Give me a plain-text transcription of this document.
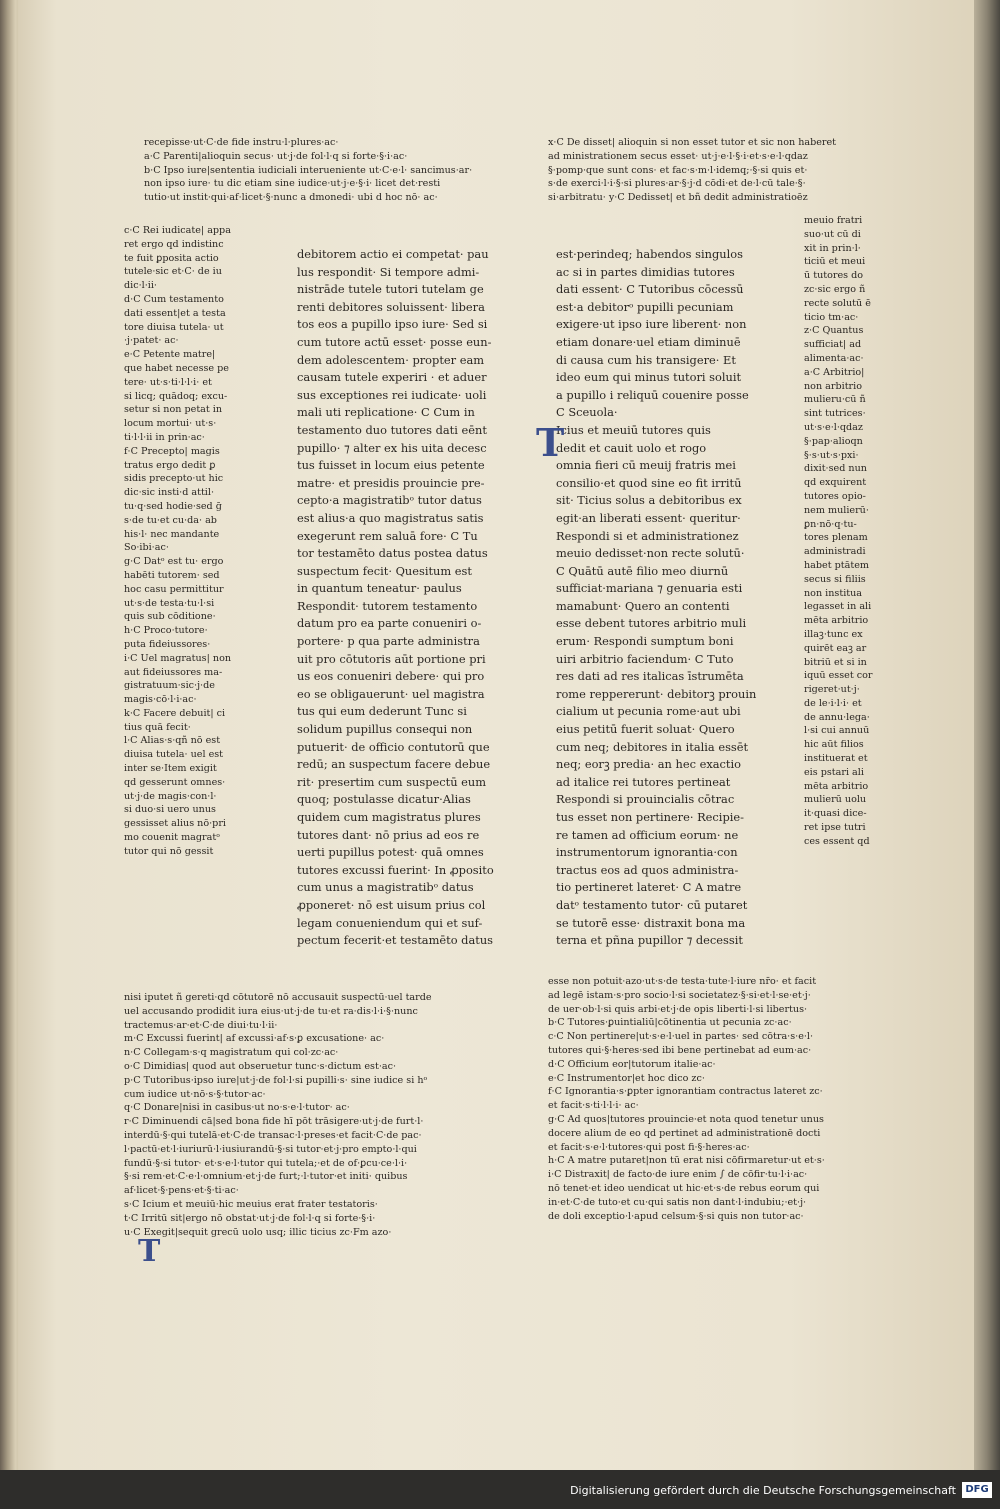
recepisse·ut·C·de fide instru·l·plures·ac·
a·C Parenti|alioquin secus· ut·j·de fol·l·q si forte·§·i·ac·
b·C Ipso iure|sententia iudiciali interueniente ut·C·e·l· sancimus·ar·
non ipso iure· tu dic etiam sine iudice·ut·j·e·§·i· licet det·resti
tutio·ut instit·qui·af·licet·§·nunc a dmonedi· ubi d hoc nō· ac·
c·C Rei iudicate| appa
ret ergo qd indistinc
te fuit ꝑposita actio
tutele·sic et·C· de iu
dic·l·ii·
d·C Cum testamento
dati essent|et a testa
tore diuisa tutela· ut
·j·patet· ac·
e·C Petente matre|
que habet necesse pe
tere· ut·s·ti·l·l·i· et
si licq; quādoq; excu-
setur si non petat in
locum mortui· ut·s·
ti·l·l·ii in prin·ac·
f·C Precepto| magis
tratus ergo dedit ꝑ
sidis precepto·ut hic
dic·sic insti·d attil·
tu·q·sed hodie·sed ḡ
s·de tu·et cu·da· ab
his·l· nec mandante
So·ibi·ac·
g·C Datᵒ est tu· ergo
habēti tutorem· sed
hoc casu permittitur
ut·s·de testa·tu·l·si
quis sub cōditione·
h·C Proco·tutore·
puta fideiussores·
i·C Uel magratus| non
aut fideiussores ma-
gistratuum·sic·j·de
magis·cō·l·i·ac·
k·C Facere debuit| ci
tius quā fecit·
l·C Alias·s·qñ nō est
diuisa tutela· uel est
inter se·Item exigit
qd gesserunt omnes·
ut·j·de magis·con·l·
si duo·si uero unus
gessisset alius nō·pri
mo couenit magratᵒ
tutor qui nō gessit
debitorem actio ei competat· pau
lus respondit· Si tempore admi-
nistrāde tutele tutori tutelam ge
renti debitores soluissent· libera
tos eos a pupillo ipso iure· Sed si
cum tutore actū esset· posse eun-
dem adolescentem· propter eam
causam tutele experiri · et aduer
sus exceptiones rei iudicate· uoli
mali uti replicatione· C Cum in
testamento duo tutores dati eēnt
pupillo· ⁊ alter ex his uita decesc
tus fuisset in locum eius petente
matre· et presidis prouincie pre-
cepto·a magistratibᵒ tutor datus
est alius·a quo magistratus satis
exegerunt rem saluā fore· C Tu
tor testamēto datus postea datus
suspectum fecit· Quesitum est
in quantum teneatur· paulus
Respondit· tutorem testamento
datum pro ea parte conueniri o-
portere· p qua parte administra
uit pro cōtutoris aūt portione pri
us eos conueniri debere· qui pro
eo se obligauerunt· uel magistra
tus qui eum dederunt Tunc si
solidum pupillus consequi non
putuerit· de officio contutorū que
redū; an suspectum facere debue
rit· presertim cum suspectū eum
quoq; postulasse dicatur·Alias
quidem cum magistratus plures
tutores dant· nō prius ad eos re
uerti pupillus potest· quā omnes
tutores excussi fuerint· In ꝓposito
cum unus a magistratibᵒ datus
ꝓponeret· nō est uisum prius col
legam conueniendum qui et suf-
pectum fecerit·et testamēto datus
nisi iputet ñ gereti·qd cōtutorē nō accusauit suspectū·uel tarde
uel accusando prodidit iura eius·ut·j·de tu·et ra·dis·l·i·§·nunc
tractemus·ar·et·C·de diui·tu·l·ii·
m·C Excussi fuerint| af excussi·af·s·ꝑ excusatione· ac·
n·C Collegam·s·q magistratum qui col·zc·ac·
o·C Dimidias| quod aut obseruetur tunc·s·dictum est·ac·
p·C Tutoribus·ipso iure|ut·j·de fol·l·si pupilli·s· sine iudice si hᵒ
cum iudice ut·nō·s·§·tutor·ac·
q·C Donare|nisi in casibus·ut no·s·e·l·tutor· ac·
r·C Diminuendi cā|sed bona fide hī pōt trāsigere·ut·j·de furt·l·
interdū·§·qui tutelā·et·C·de transac·l·preses·et facit·C·de pac·
l·pactū·et·l·iuriurū·l·iusiurandū·§·si tutor·et·j·pro empto·l·qui
fundū·§·si tutor· et·s·e·l·tutor qui tutela;·et de of·ꝑcu·ce·l·i·
§·si rem·et·C·e·l·omnium·et·j·de furt;·l·tutor·et initi· quibus
af·licet·§·pens·et·§·ti·ac·
s·C Icium et meuiū·hic meuius erat frater testatoris·
t·C Irritū sit|ergo nō obstat·ut·j·de fol·l·q si forte·§·i·
u·C Exegit|sequit grecū uolo usq; illic ticius zc·Fm azo·
x·C De disset| alioquin si non esset tutor et sic non haberet
ad ministrationem secus esset· ut·j·e·l·§·i·et·s·e·l·qdaz
§·pomp·que sunt cons· et fac·s·m·l·idemq;·§·si quis et·
s·de exerci·l·i·§·si plures·ar·§·j·d cōdi·et de·l·cū tale·§·
si·arbitratu· y·C Dedisset| et bñ dedit administratioēz
est·perindeq; habendos singulos
ac si in partes dimidias tutores
dati essent· C Tutoribus cōcessū
est·a debitorᵒ pupilli pecuniam
exigere·ut ipso iure liberent· non
etiam donare·uel etiam diminuē
di causa cum his transigere· Et
ideo eum qui minus tutori soluit
a pupillo i reliquū couenire posse
C Sceuola·
Icius et meuiū tutores quis
dedit et cauit uolo et rogo
omnia fieri cū meuij fratris mei
consilio·et quod sine eo fit irritū
sit· Ticius solus a debitoribus ex
egit·an liberati essent· queritur·
Respondi si et administrationez
meuio dedisset·non recte solutū·
C Quātū autē filio meo diurnū
sufficiat·mariana ⁊ genuaria esti
mamabunt· Quero an contenti
esse debent tutores arbitrio muli
erum· Respondi sumptum boni
uiri arbitrio faciendum· C Tuto
res dati ad res italicas īstrumēta
rome reppererunt· debitorꝫ prouin
cialium ut pecunia rome·aut ubi
eius petitū fuerit soluat· Quero
cum neq; debitores in italia essēt
neq; eorꝫ predia· an hec exactio
ad italice rei tutores pertineat
Respondi si prouincialis cōtrac
tus esset non pertinere· Recipie-
re tamen ad officium eorum· ne
instrumentorum ignorantia·con
tractus eos ad quos administra-
tio pertineret lateret· C A matre
datᵒ testamento tutor· cū putaret
se tutorē esse· distraxit bona ma
terna et pñna pupillor ⁊ decessit
meuio fratri
suo·ut cū di
xit in prin·l·
ticiū et meui
ū tutores do
zc·sic ergo ñ
recte solutū ē
ticio tm·ac·
z·C Quantus
sufficiat| ad
alimenta·ac·
a·C Arbitrio|
non arbitrio
mulieru·cū ñ
sint tutrices·
ut·s·e·l·qdaz
§·pap·alioqn
§·s·ut·s·pxi·
dixit·sed nun
qd exquirent
tutores opio-
nem mulierū·
ꝑn·nō·q·tu-
tores plenam
administradi
habet ptātem
secus si filiis
non institua
legasset in ali
mēta arbitrio
illaꝫ·tunc ex
quirēt eaꝫ ar
bitriū et si in
iquū esset cor
rigeret·ut·j·
de le·i·l·i· et
de annu·lega·
l·si cui annuū
hic aūt filios
instituerat et
eis pstari ali
mēta arbitrio
mulierū uolu
it·quasi dice-
ret ipse tutri
ces essent qd
esse non potuit·azo·ut·s·de testa·tute·l·iure nr̄o· et facit
ad legē istam·s·pro socio·l·si societatez·§·si·et·l·se·et·j·
de uer·ob·l·si quis arbi·et·j·de opis liberti·l·si libertus·
b·C Tutores·ꝑuintialiū|cōtinentia ut pecunia zc·ac·
c·C Non pertinere|ut·s·e·l·uel in partes· sed cōtra·s·e·l·
tutores qui·§·heres·sed ibi bene pertinebat ad eum·ac·
d·C Officium eor|tutorum italie·ac·
e·C Instrumentor|et hoc dico zc·
f·C Ignorantia·s·ꝑpter ignorantiam contractus lateret zc·
et facit·s·ti·l·l·i· ac·
g·C Ad quos|tutores prouincie·et nota quod tenetur unus
docere alium de eo qd pertinet ad administrationē docti
et facit·s·e·l·tutores·qui post fi·§·heres·ac·
h·C A matre putaret|non tū erat nisi cōfirmaretur·ut et·s·
i·C Distraxit| de facto·de iure enim ∫ de cōfir·tu·l·i·ac·
nō tenet·et ideo uendicat ut hic·et·s·de rebus eorum qui
in·et·C·de tuto·et cu·qui satis non dant·l·indubiu;·et·j·
de doli exceptio·l·apud celsum·§·si quis non tutor·ac·
T
T
Digitalisierung gefördert durch die Deutsche Forschungsgemeinschaft DFG
